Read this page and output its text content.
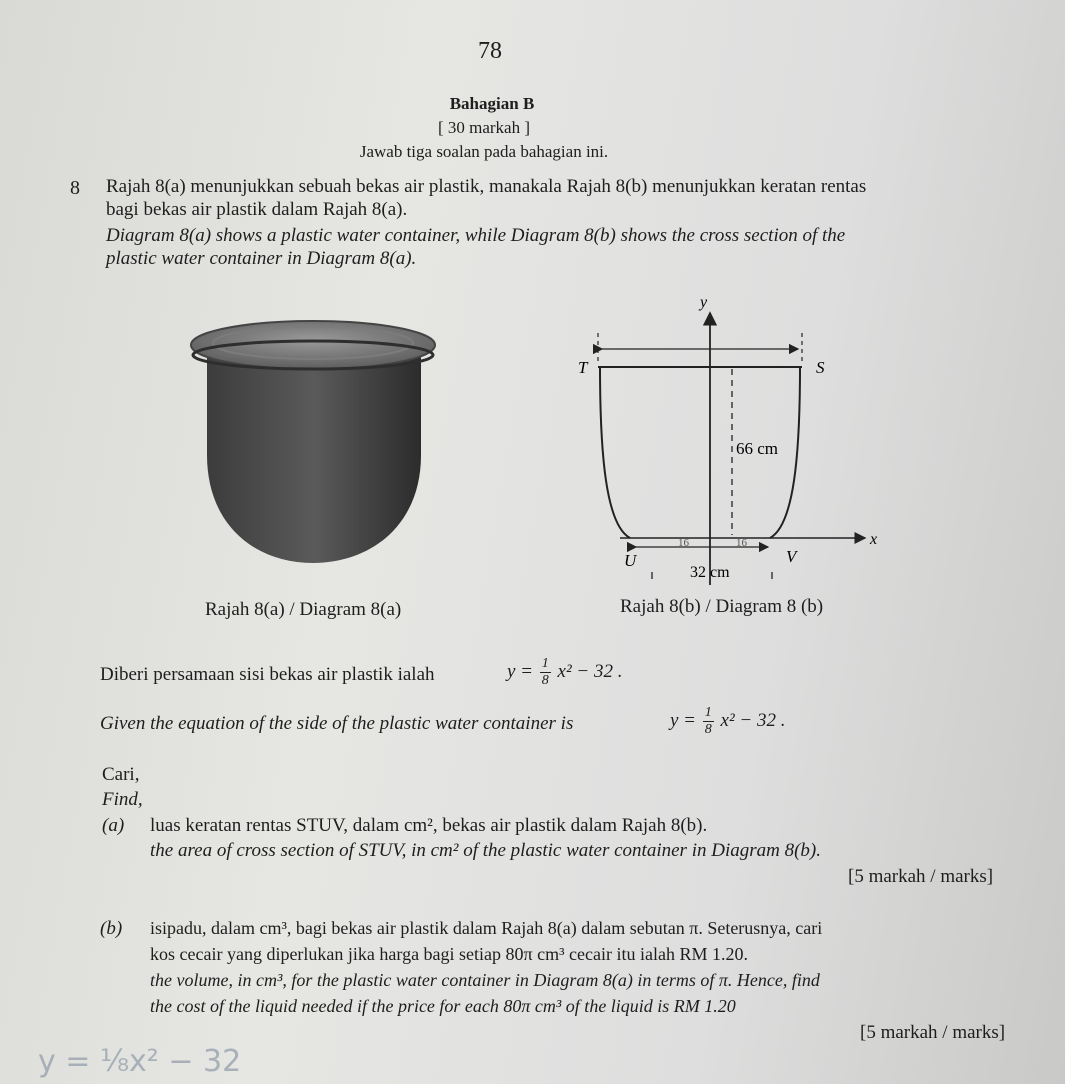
78
Bahagian B
[ 30 markah ]
Jawab tiga soalan pada bahagian ini.
8 Rajah 8(a) menunjukkan sebuah bekas air plastik, manakala Rajah 8(b) menunjukkan keratan rentas
bagi bekas air plastik dalam Rajah 8(a).
Diagram 8(a) shows a plastic water container, while Diagram 8(b) shows the cross section of the
plastic water container in Diagram 8(a).
y
x
T	S
U	V
66 cm
32 cm
16	16
Rajah 8(a) / Diagram 8(a)	Rajah 8(b) / Diagram 8 (b)
Diberi persamaan sisi bekas air plastik ialah	$y = \frac{1}{8} x^2 - 32$ .
Given the equation of the side of the plastic water container is	$y = \frac{1}{8} x^2 - 32$ .
Cari,
Find,
(a) luas keratan rentas STUV, dalam cm², bekas air plastik dalam Rajah 8(b).
the area of cross section of STUV, in cm² of the plastic water container in Diagram 8(b).
[5 markah / marks]
(b) isipadu, dalam cm³, bagi bekas air plastik dalam Rajah 8(a) dalam sebutan π. Seterusnya, cari
kos cecair yang diperlukan jika harga bagi setiap 80π cm³ cecair itu ialah RM 1.20.
the volume, in cm³, for the plastic water container in Diagram 8(a) in terms of π. Hence, find
the cost of the liquid needed if the price for each 80π cm³ of the liquid is RM 1.20
[5 markah / marks]
y = ⅛x² − 32
